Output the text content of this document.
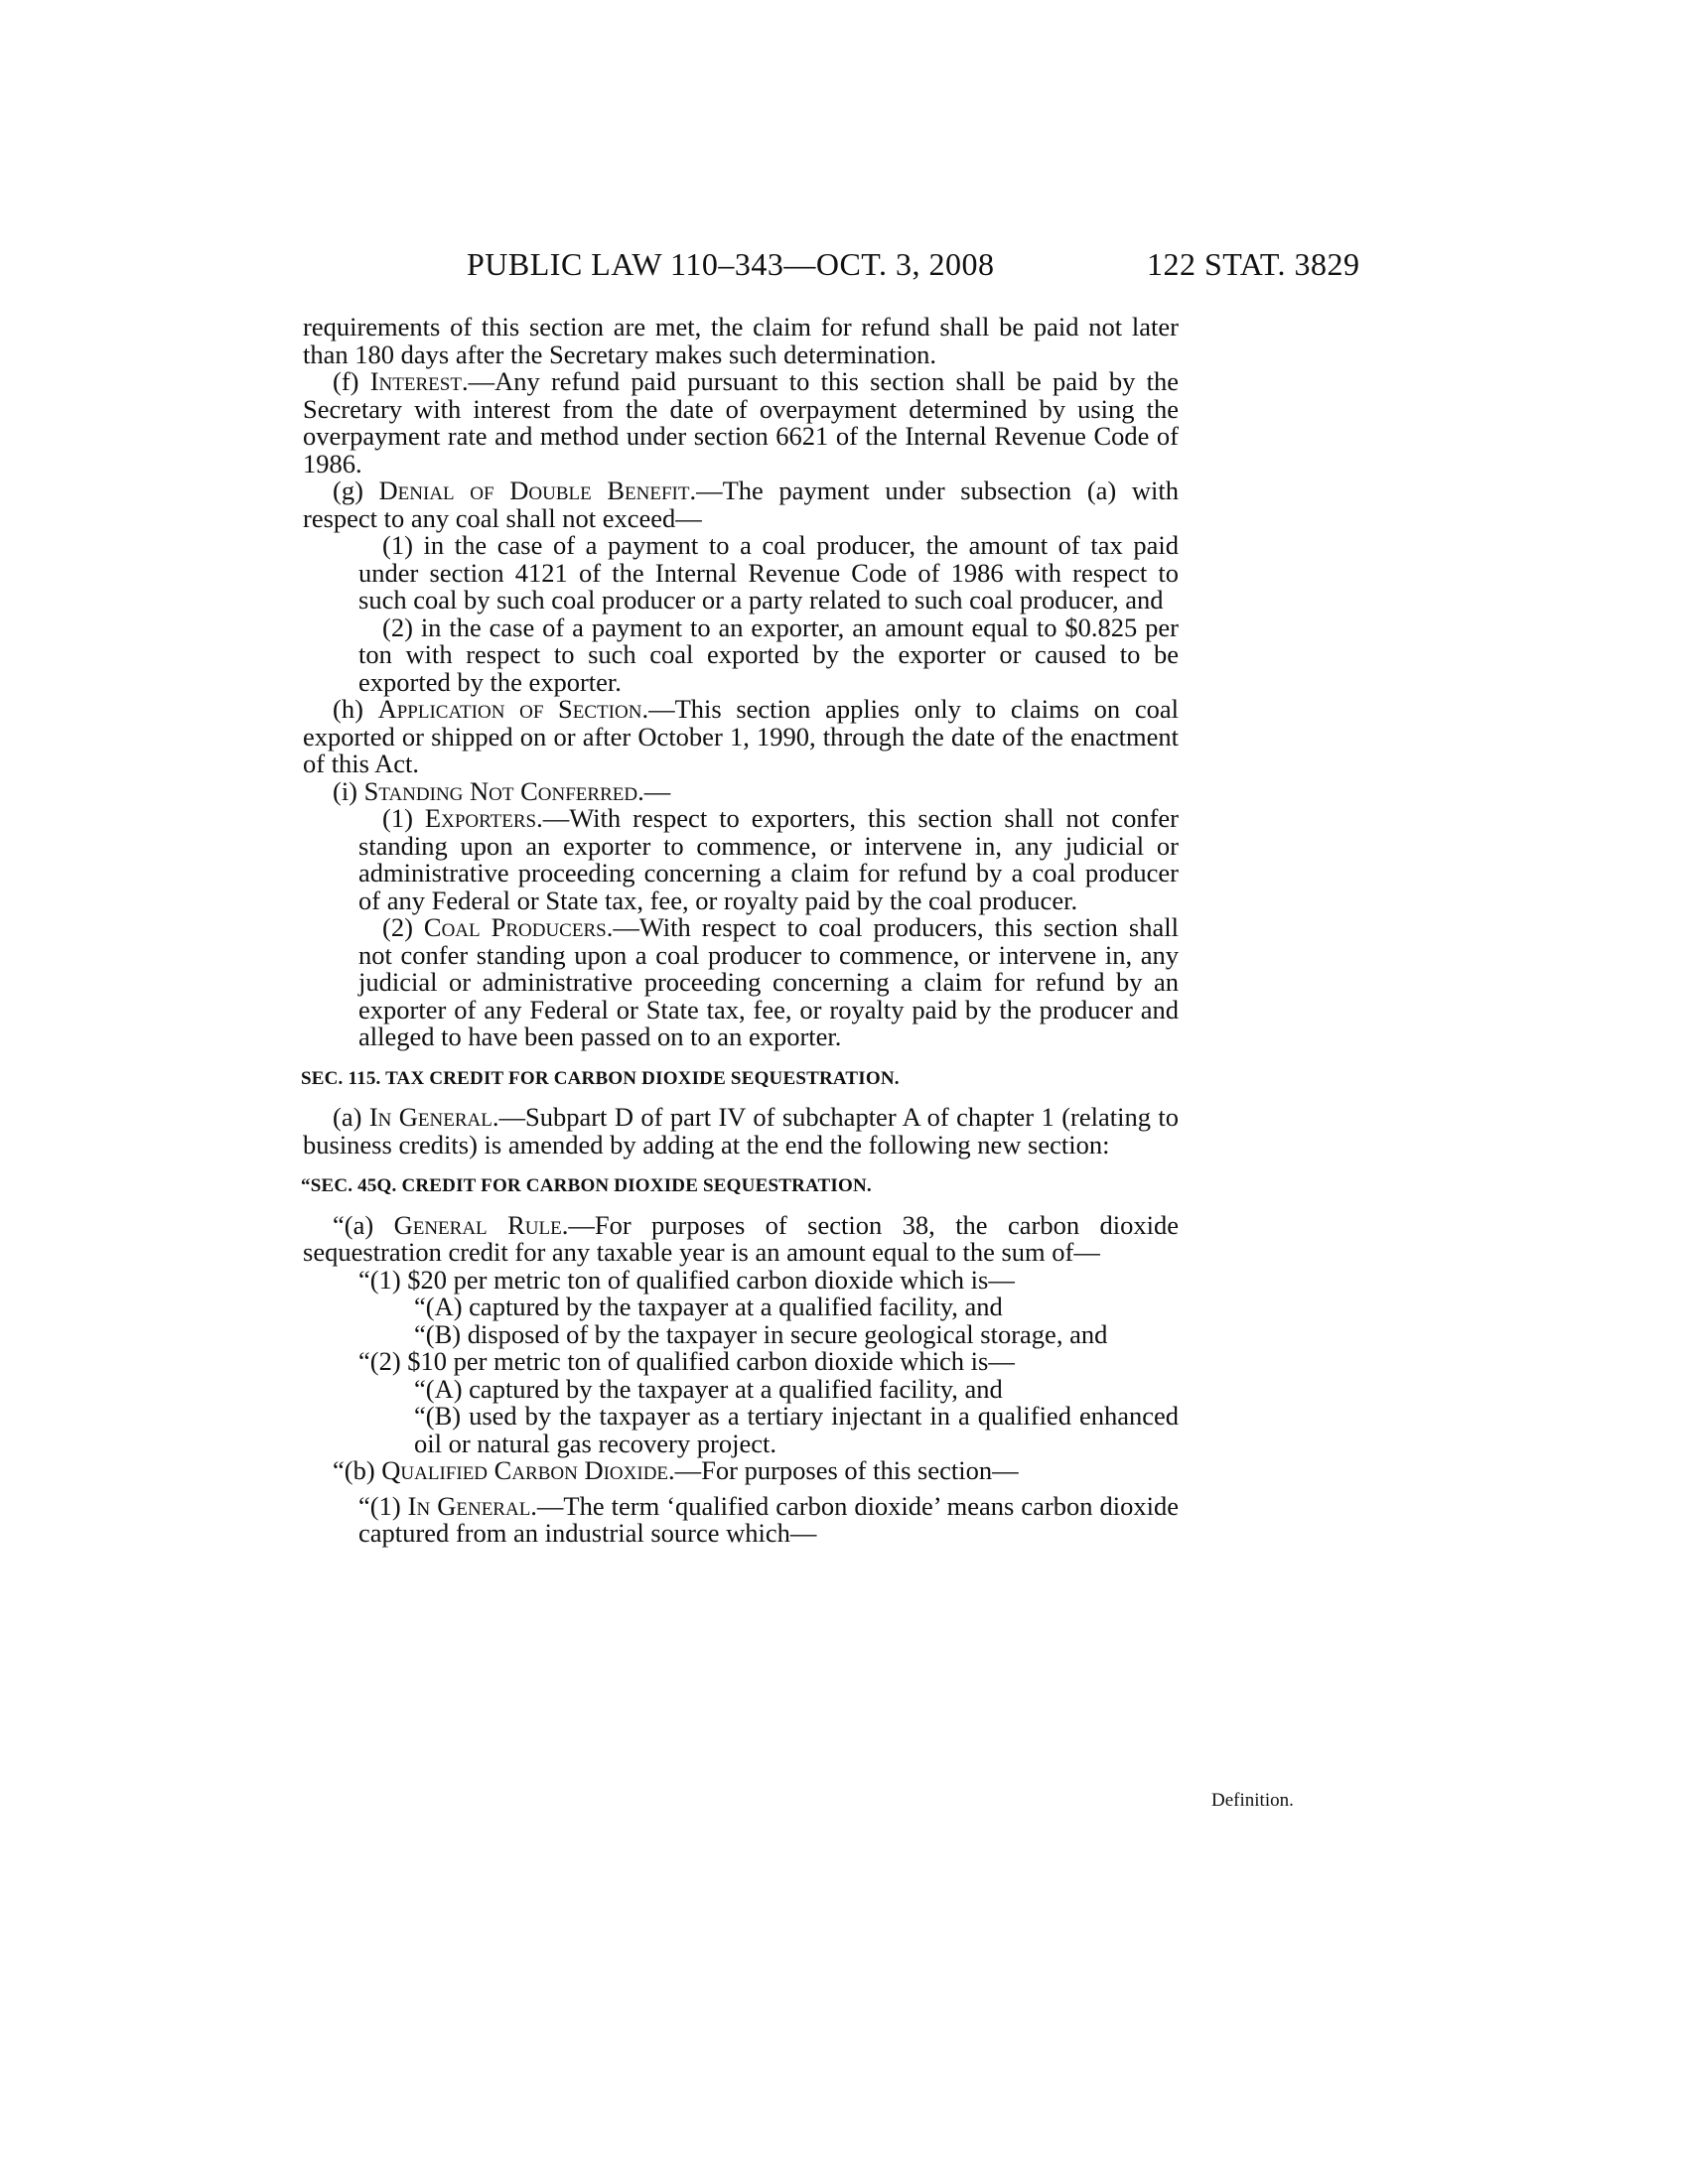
PUBLIC LAW 110–343—OCT. 3, 2008	122 STAT. 3829

requirements of this section are met, the claim for refund shall be paid not later than 180 days after the Secretary makes such determination.

(f) Interest.—Any refund paid pursuant to this section shall be paid by the Secretary with interest from the date of overpayment determined by using the overpayment rate and method under section 6621 of the Internal Revenue Code of 1986.

(g) Denial of Double Benefit.—The payment under subsection (a) with respect to any coal shall not exceed—

(1) in the case of a payment to a coal producer, the amount of tax paid under section 4121 of the Internal Revenue Code of 1986 with respect to such coal by such coal producer or a party related to such coal producer, and

(2) in the case of a payment to an exporter, an amount equal to $0.825 per ton with respect to such coal exported by the exporter or caused to be exported by the exporter.

(h) Application of Section.—This section applies only to claims on coal exported or shipped on or after October 1, 1990, through the date of the enactment of this Act.

(i) Standing Not Conferred.—

(1) Exporters.—With respect to exporters, this section shall not confer standing upon an exporter to commence, or intervene in, any judicial or administrative proceeding concerning a claim for refund by a coal producer of any Federal or State tax, fee, or royalty paid by the coal producer.

(2) Coal Producers.—With respect to coal producers, this section shall not confer standing upon a coal producer to commence, or intervene in, any judicial or administrative proceeding concerning a claim for refund by an exporter of any Federal or State tax, fee, or royalty paid by the producer and alleged to have been passed on to an exporter.

SEC. 115. TAX CREDIT FOR CARBON DIOXIDE SEQUESTRATION.

(a) In General.—Subpart D of part IV of subchapter A of chapter 1 (relating to business credits) is amended by adding at the end the following new section:

“SEC. 45Q. CREDIT FOR CARBON DIOXIDE SEQUESTRATION.

“(a) General Rule.—For purposes of section 38, the carbon dioxide sequestration credit for any taxable year is an amount equal to the sum of—

“(1) $20 per metric ton of qualified carbon dioxide which is—

“(A) captured by the taxpayer at a qualified facility, and

“(B) disposed of by the taxpayer in secure geological storage, and

“(2) $10 per metric ton of qualified carbon dioxide which is—

“(A) captured by the taxpayer at a qualified facility, and

“(B) used by the taxpayer as a tertiary injectant in a qualified enhanced oil or natural gas recovery project.

“(b) Qualified Carbon Dioxide.—For purposes of this section—

“(1) In General.—The term ‘qualified carbon dioxide’ means carbon dioxide captured from an industrial source which—

Definition.
